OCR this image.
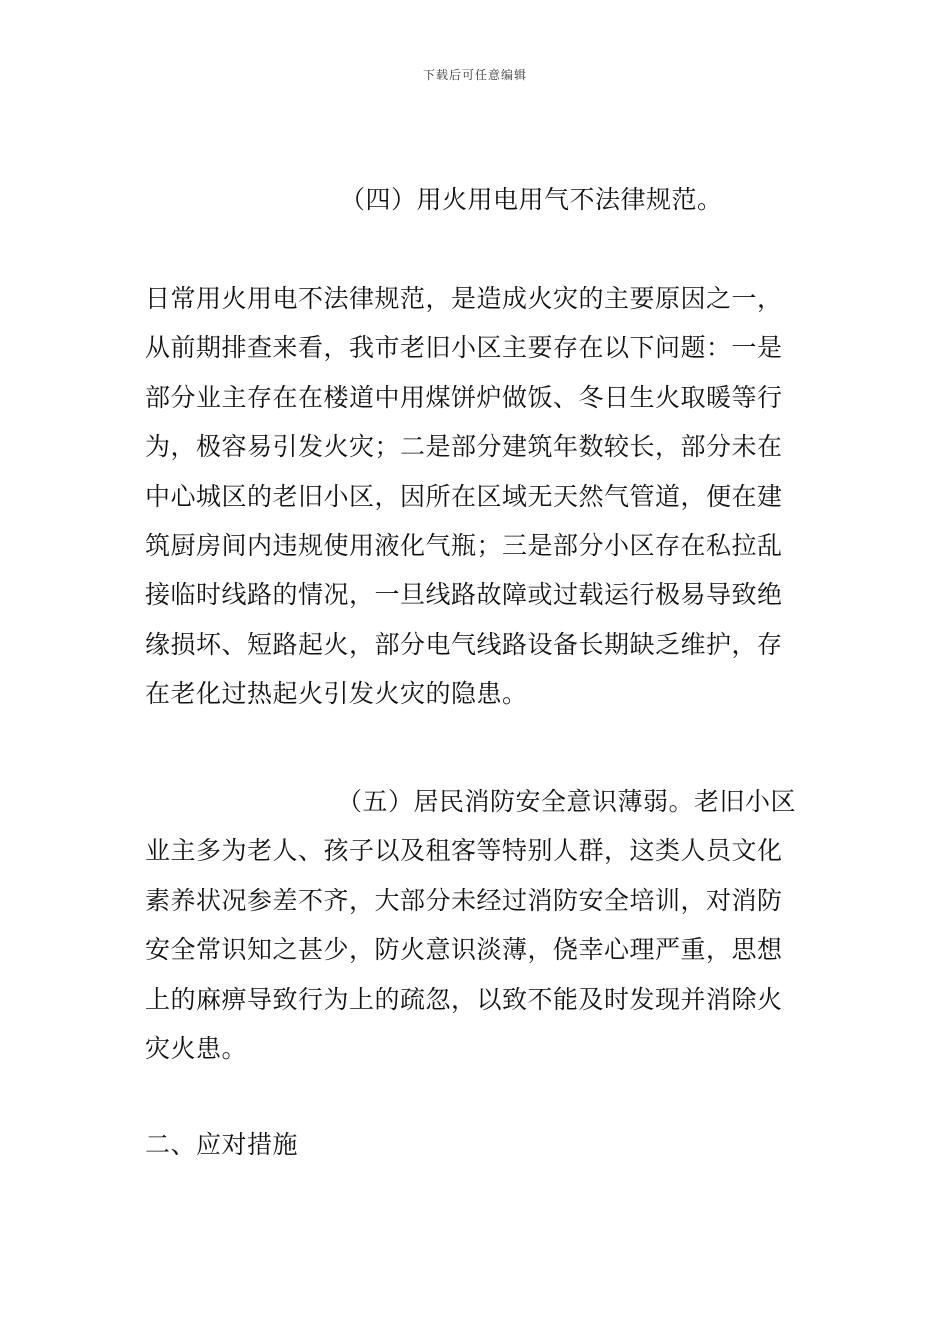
下载后可任意编辑
（四）用火用电用气不法律规范。
日常用火用电不法律规范，是造成火灾的主要原因之一，
从前期排查来看，我市老旧小区主要存在以下问题：一是
部分业主存在在楼道中用煤饼炉做饭、冬日生火取暖等行
为，极容易引发火灾；二是部分建筑年数较长，部分未在
中心城区的老旧小区，因所在区域无天然气管道，便在建
筑厨房间内违规使用液化气瓶；三是部分小区存在私拉乱
接临时线路的情况，一旦线路故障或过载运行极易导致绝
缘损坏、短路起火，部分电气线路设备长期缺乏维护，存
在老化过热起火引发火灾的隐患。
（五）居民消防安全意识薄弱。老旧小区
业主多为老人、孩子以及租客等特别人群，这类人员文化
素养状况参差不齐，大部分未经过消防安全培训，对消防
安全常识知之甚少，防火意识淡薄，侥幸心理严重，思想
上的麻痹导致行为上的疏忽，以致不能及时发现并消除火
灾火患。
二、应对措施
